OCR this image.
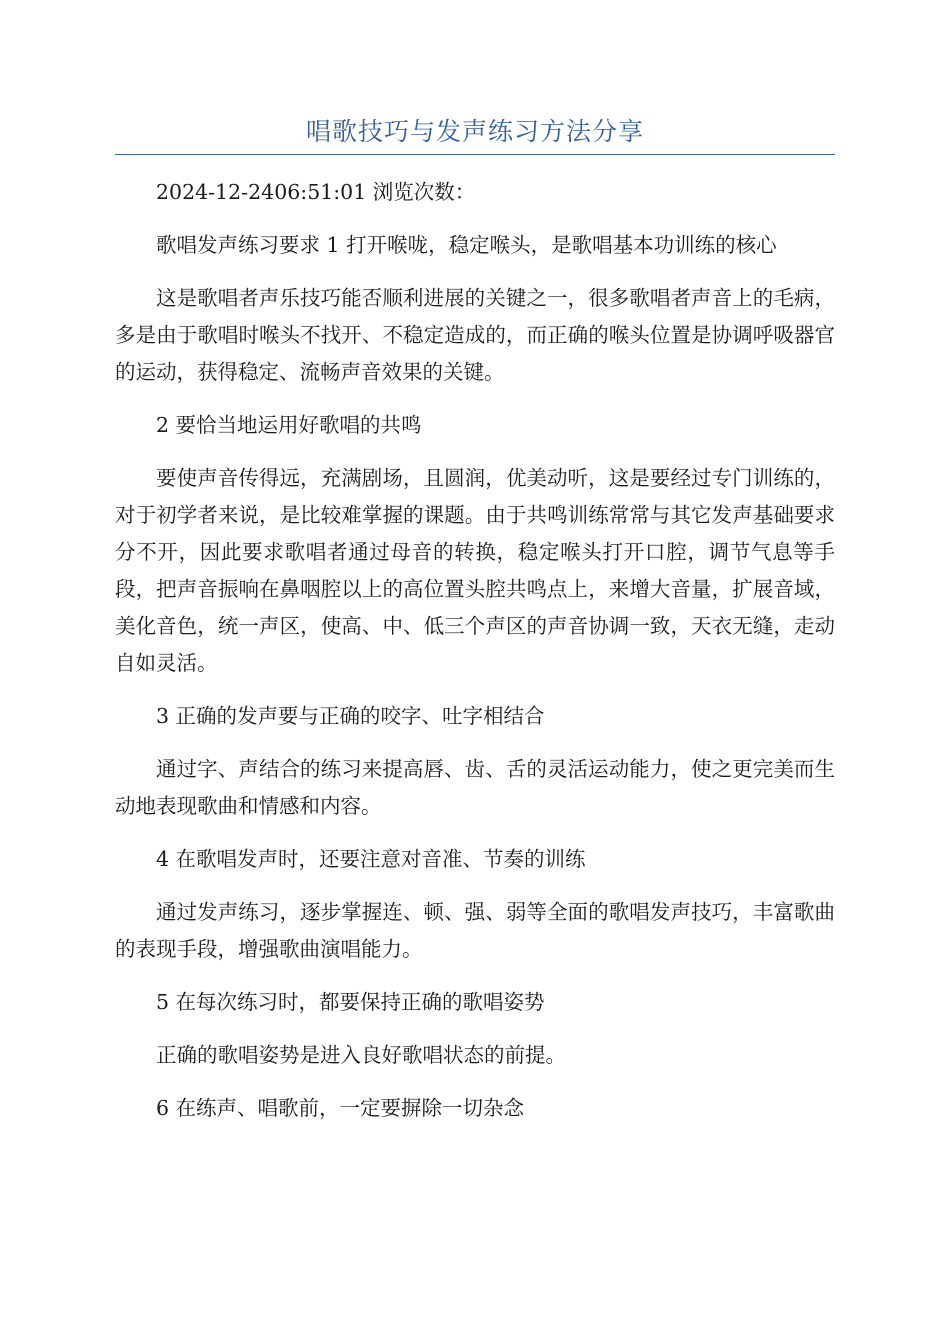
唱歌技巧与发声练习方法分享

2024-12-2406:51:01 浏览次数：

歌唱发声练习要求 1 打开喉咙，稳定喉头，是歌唱基本功训练的核心

这是歌唱者声乐技巧能否顺利进展的关键之一，很多歌唱者声音上的毛病，多是由于歌唱时喉头不找开、不稳定造成的，而正确的喉头位置是协调呼吸器官的运动，获得稳定、流畅声音效果的关键。

2 要恰当地运用好歌唱的共鸣

要使声音传得远，充满剧场，且圆润，优美动听，这是要经过专门训练的，对于初学者来说，是比较难掌握的课题。由于共鸣训练常常与其它发声基础要求分不开，因此要求歌唱者通过母音的转换，稳定喉头打开口腔，调节气息等手段，把声音振响在鼻咽腔以上的高位置头腔共鸣点上，来增大音量，扩展音域，美化音色，统一声区，使高、中、低三个声区的声音协调一致，天衣无缝，走动自如灵活。

3 正确的发声要与正确的咬字、吐字相结合

通过字、声结合的练习来提高唇、齿、舌的灵活运动能力，使之更完美而生动地表现歌曲和情感和内容。

4 在歌唱发声时，还要注意对音准、节奏的训练

通过发声练习，逐步掌握连、顿、强、弱等全面的歌唱发声技巧，丰富歌曲的表现手段，增强歌曲演唱能力。

5 在每次练习时，都要保持正确的歌唱姿势

正确的歌唱姿势是进入良好歌唱状态的前提。

6 在练声、唱歌前，一定要摒除一切杂念
